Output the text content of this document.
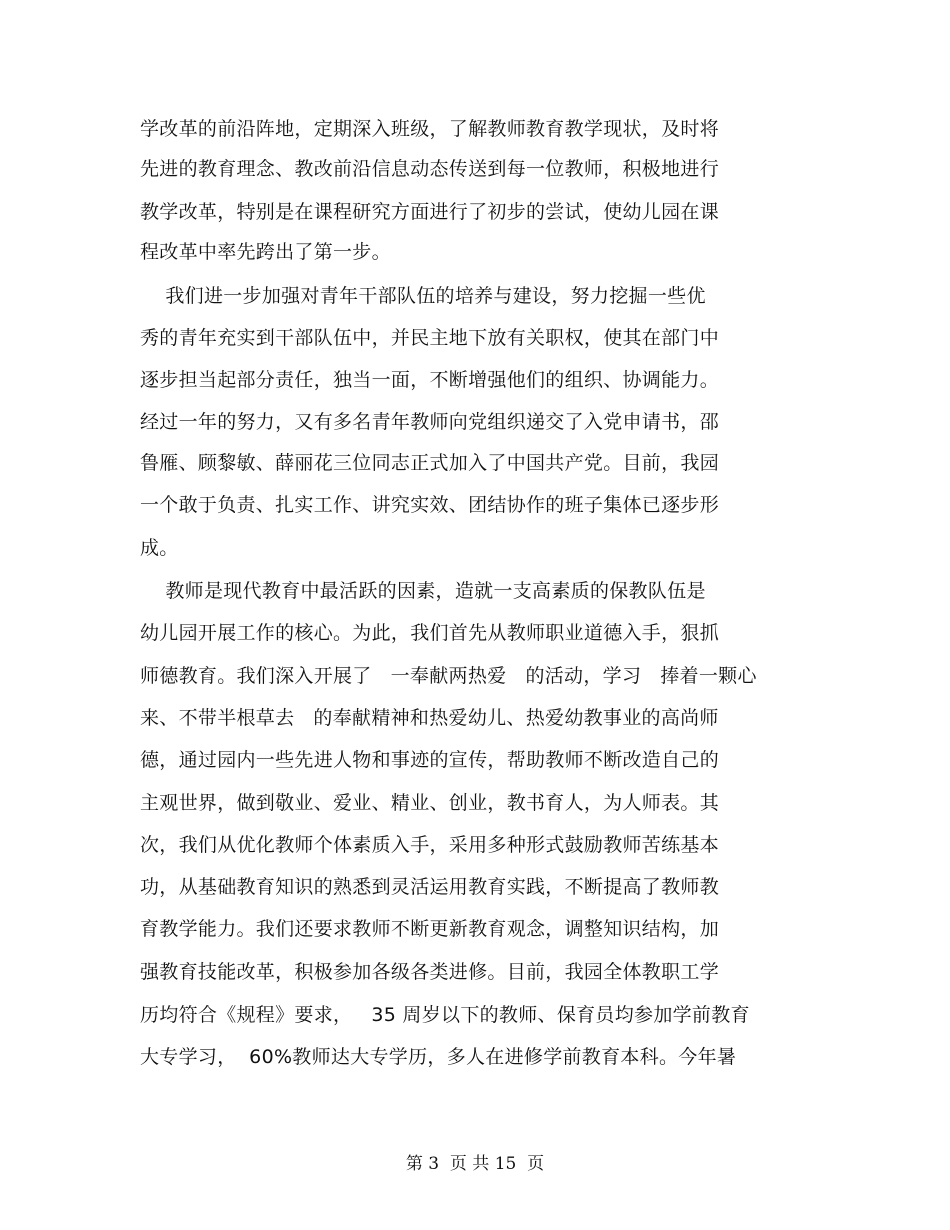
学改革的前沿阵地，定期深入班级，了解教师教育教学现状，及时将
先进的教育理念、教改前沿信息动态传送到每一位教师，积极地进行
教学改革，特别是在课程研究方面进行了初步的尝试，使幼儿园在课
程改革中率先跨出了第一步。
我们进一步加强对青年干部队伍的培养与建设，努力挖掘一些优
秀的青年充实到干部队伍中，并民主地下放有关职权，使其在部门中
逐步担当起部分责任，独当一面，不断增强他们的组织、协调能力。
经过一年的努力，又有多名青年教师向党组织递交了入党申请书，邵
鲁雁、顾黎敏、薛丽花三位同志正式加入了中国共产党。目前，我园
一个敢于负责、扎实工作、讲究实效、团结协作的班子集体已逐步形
成。
教师是现代教育中最活跃的因素，造就一支高素质的保教队伍是
幼儿园开展工作的核心。为此，我们首先从教师职业道德入手，狠抓
师德教育。我们深入开展了   一奉献两热爱   的活动，学习   捧着一颗心
来、不带半根草去   的奉献精神和热爱幼儿、热爱幼教事业的高尚师
德，通过园内一些先进人物和事迹的宣传，帮助教师不断改造自己的
主观世界，做到敬业、爱业、精业、创业，教书育人，为人师表。其
次，我们从优化教师个体素质入手，采用多种形式鼓励教师苦练基本
功，从基础教育知识的熟悉到灵活运用教育实践，不断提高了教师教
育教学能力。我们还要求教师不断更新教育观念，调整知识结构，加
强教育技能改革，积极参加各级各类进修。目前，我园全体教职工学
历均符合《规程》要求，   35 周岁以下的教师、保育员均参加学前教育
大专学习，  60%教师达大专学历，多人在进修学前教育本科。今年暑
第 3  页 共 15  页
